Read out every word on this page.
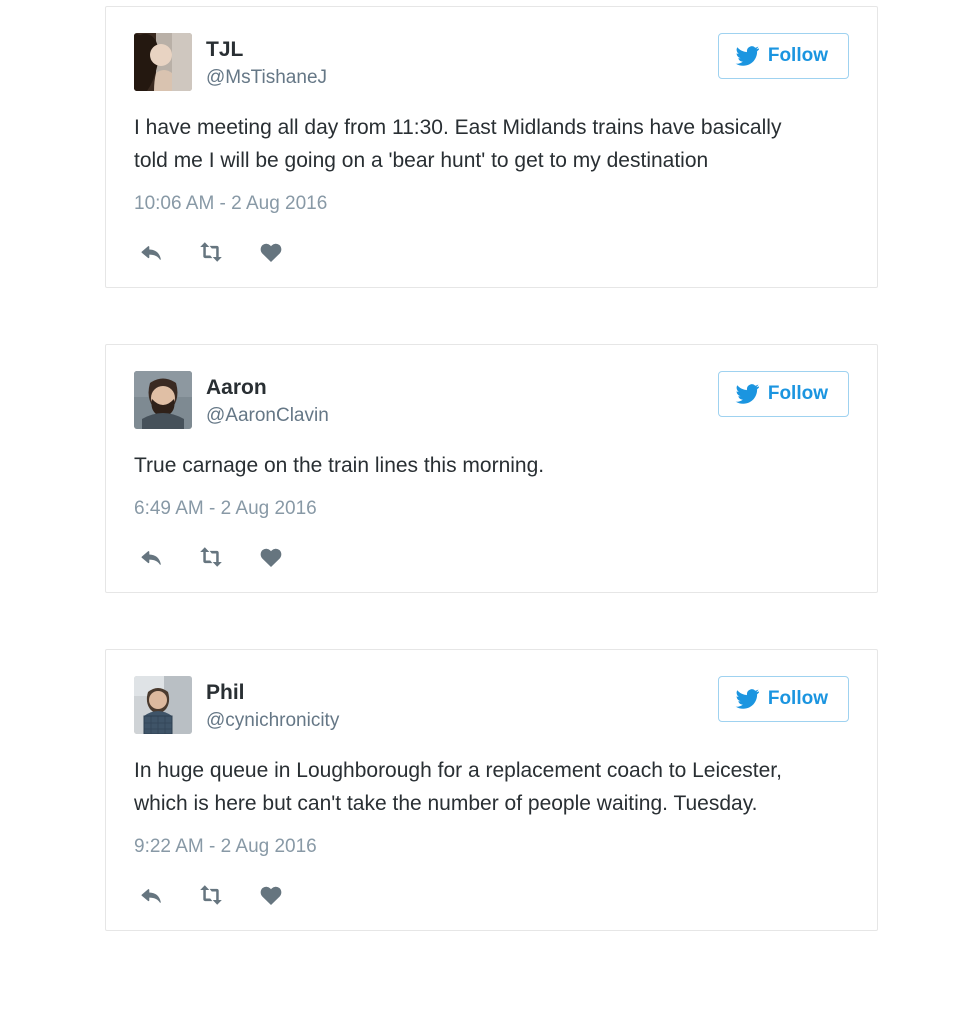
TJL
@MsTishaneJ
Follow
I have meeting all day from 11:30. East Midlands trains have basically told me I will be going on a 'bear hunt' to get to my destination
10:06 AM - 2 Aug 2016
Aaron
@AaronClavin
Follow
True carnage on the train lines this morning.
6:49 AM - 2 Aug 2016
Phil
@cynichronicity
Follow
In huge queue in Loughborough for a replacement coach to Leicester, which is here but can't take the number of people waiting. Tuesday.
9:22 AM - 2 Aug 2016
